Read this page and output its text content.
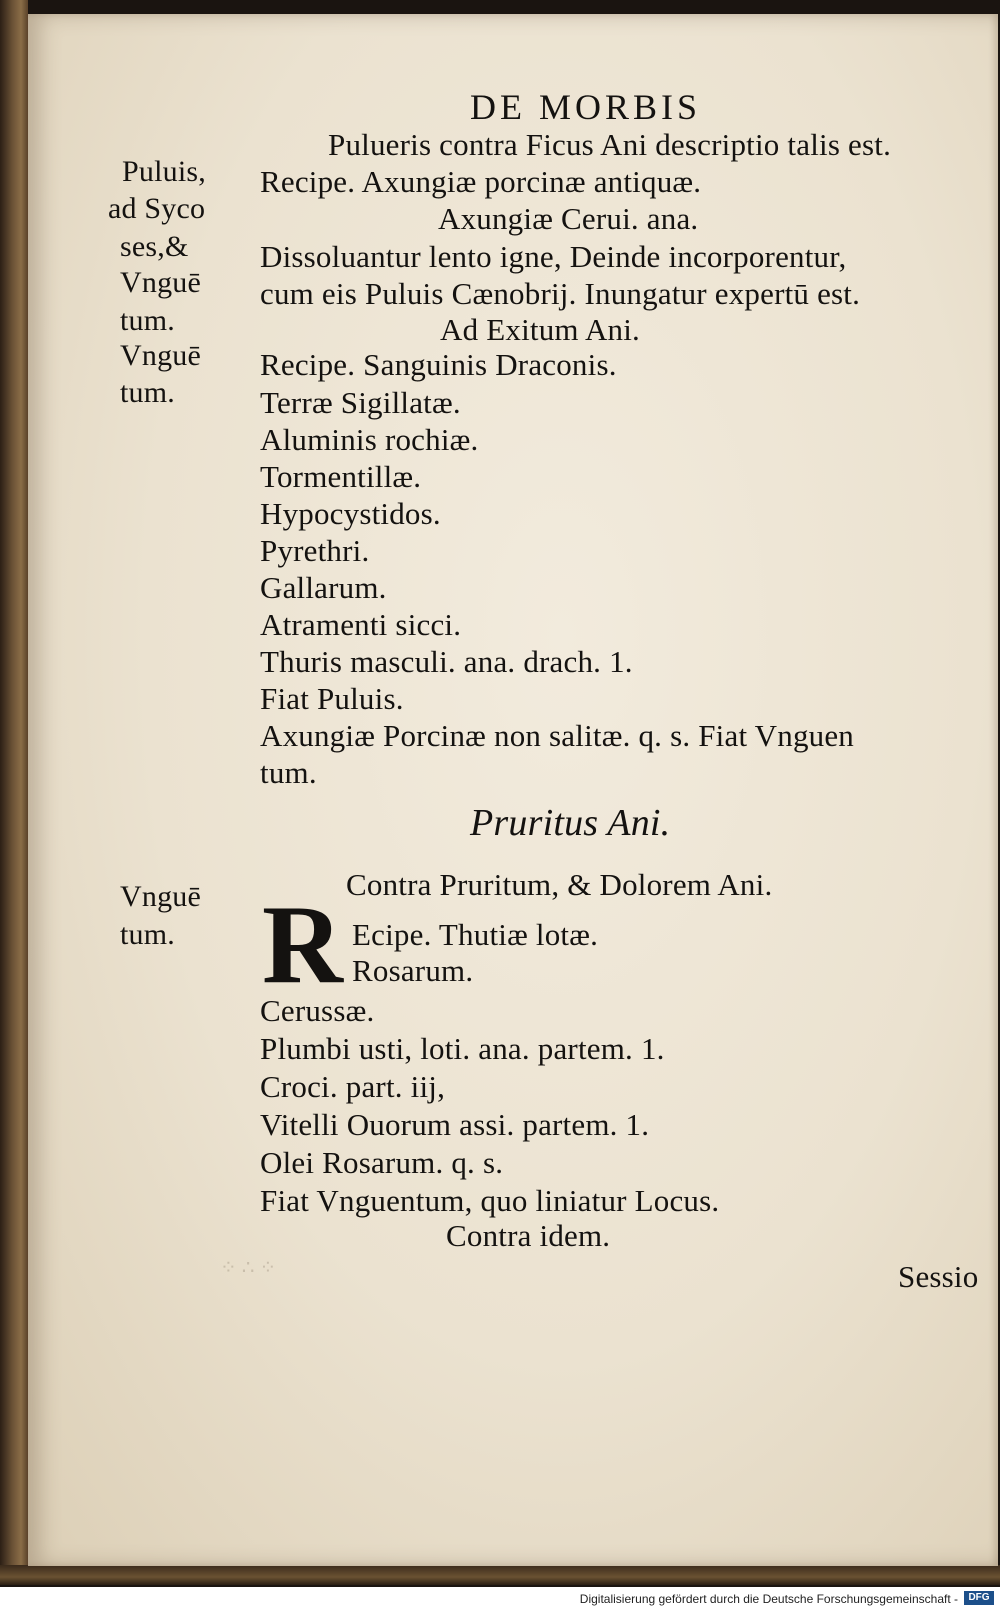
⁘ ∴ ⁘
DE MORBIS
Puluis,
ad Syco
ses,&
Vnguē
tum.
Vnguē
tum.
Vnguē
tum.
Pulueris contra Ficus Ani descriptio talis est.
Recipe. Axungiæ porcinæ antiquæ.
Axungiæ Cerui. ana.
Dissoluantur lento igne, Deinde incorporentur,
cum eis Puluis Cænobrij. Inungatur expertū est.
Ad Exitum Ani.
Recipe. Sanguinis Draconis.
Terræ Sigillatæ.
Aluminis rochiæ.
Tormentillæ.
Hypocystidos.
Pyrethri.
Gallarum.
Atramenti sicci.
Thuris masculi. ana. drach. 1.
Fiat Puluis.
Axungiæ Porcinæ non salitæ. q. s. Fiat Vnguen
tum.
Pruritus Ani.
Contra Pruritum, & Dolorem Ani.
R Ecipe. Thutiæ lotæ.
Rosarum.
Cerussæ.
Plumbi usti, loti. ana. partem. 1.
Croci. part. iij,
Vitelli Ouorum assi. partem. 1.
Olei Rosarum. q. s.
Fiat Vnguentum, quo liniatur Locus.
Contra idem.
Sessio
Digitalisierung gefördert durch die Deutsche Forschungsgemeinschaft -	DFG
